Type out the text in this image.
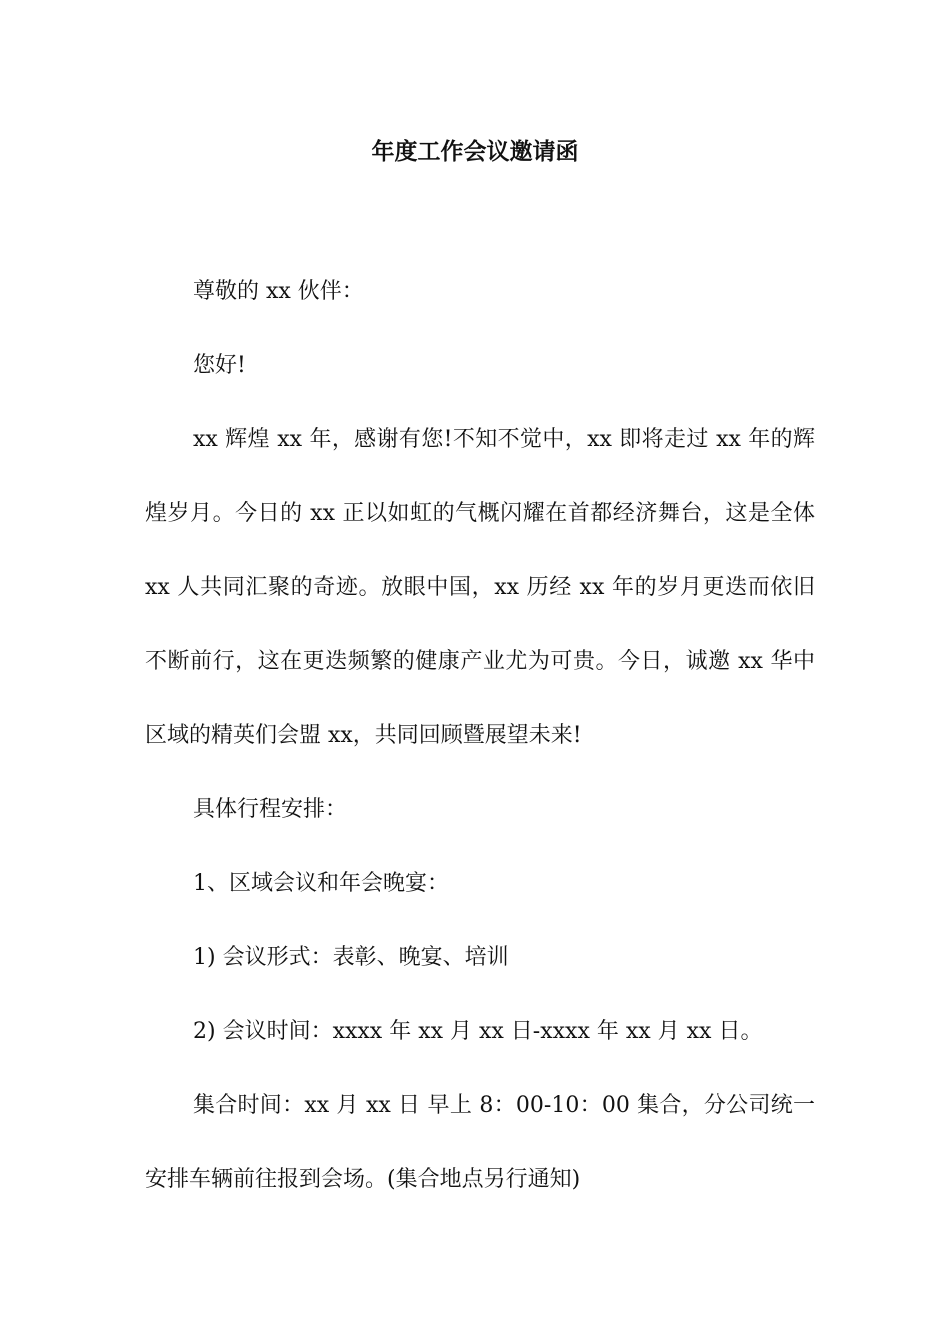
年度工作会议邀请函

尊敬的 xx 伙伴：

您好!

xx 辉煌 xx 年，感谢有您!不知不觉中，xx 即将走过 xx 年的辉煌岁月。今日的 xx 正以如虹的气概闪耀在首都经济舞台，这是全体 xx 人共同汇聚的奇迹。放眼中国，xx 历经 xx 年的岁月更迭而依旧不断前行，这在更迭频繁的健康产业尤为可贵。今日，诚邀 xx 华中区域的精英们会盟 xx，共同回顾暨展望未来!

具体行程安排：

1、区域会议和年会晚宴：

1) 会议形式：表彰、晚宴、培训

2) 会议时间：xxxx 年 xx 月 xx 日-xxxx 年 xx 月 xx 日。

集合时间：xx 月 xx 日 早上 8：00-10：00 集合，分公司统一安排车辆前往报到会场。(集合地点另行通知)
